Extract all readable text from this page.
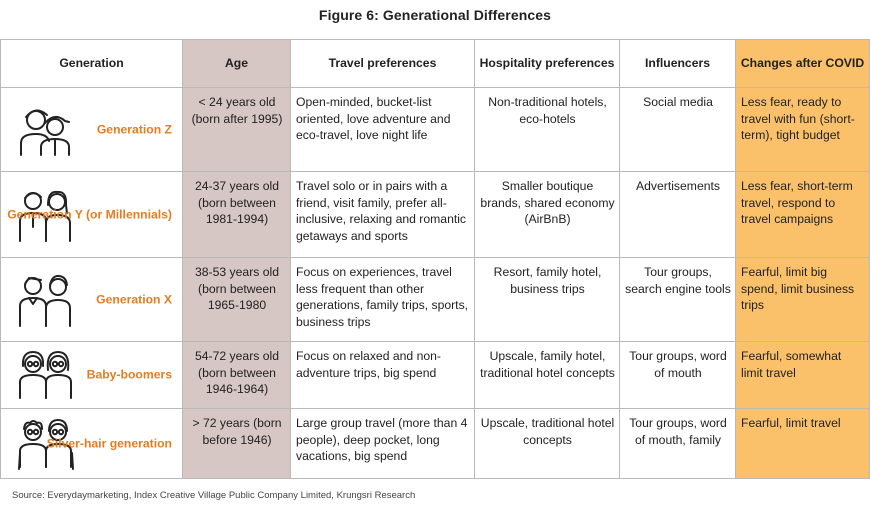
Figure 6: Generational Differences
Generation	Age	Travel preferences	Hospitality preferences	Influencers	Changes after COVID

Generation Z	< 24 years old (born after 1995)	Open-minded, bucket-list oriented, love adventure and eco-travel, love night life	Non-traditional hotels, eco-hotels	Social media	Less fear, ready to travel with fun (short-term), tight budget

Generation Y (or Millennials)	24-37 years old (born between 1981-1994)	Travel solo or in pairs with a friend, visit family, prefer all-inclusive, relaxing and romantic getaways and sports	Smaller boutique brands, shared economy (AirBnB)	Advertisements	Less fear, short-term travel, respond to travel campaigns

Generation X	38-53 years old (born between 1965-1980	Focus on experiences, travel less frequent than other generations, family trips, sports, business trips	Resort, family hotel, business trips	Tour groups, search engine tools	Fearful, limit big spend, limit business trips

Baby-boomers	54-72 years old (born between 1946-1964)	Focus on relaxed and non-adventure trips, big spend	Upscale, family hotel, traditional hotel concepts	Tour groups, word of mouth	Fearful, somewhat limit travel

Silver-hair generation	> 72 years (born before 1946)	Large group travel (more than 4 people), deep pocket, long vacations, big spend	Upscale, traditional hotel concepts	Tour groups, word of mouth, family	Fearful, limit travel
Source: Everydaymarketing, Index Creative Village Public Company Limited, Krungsri Research
